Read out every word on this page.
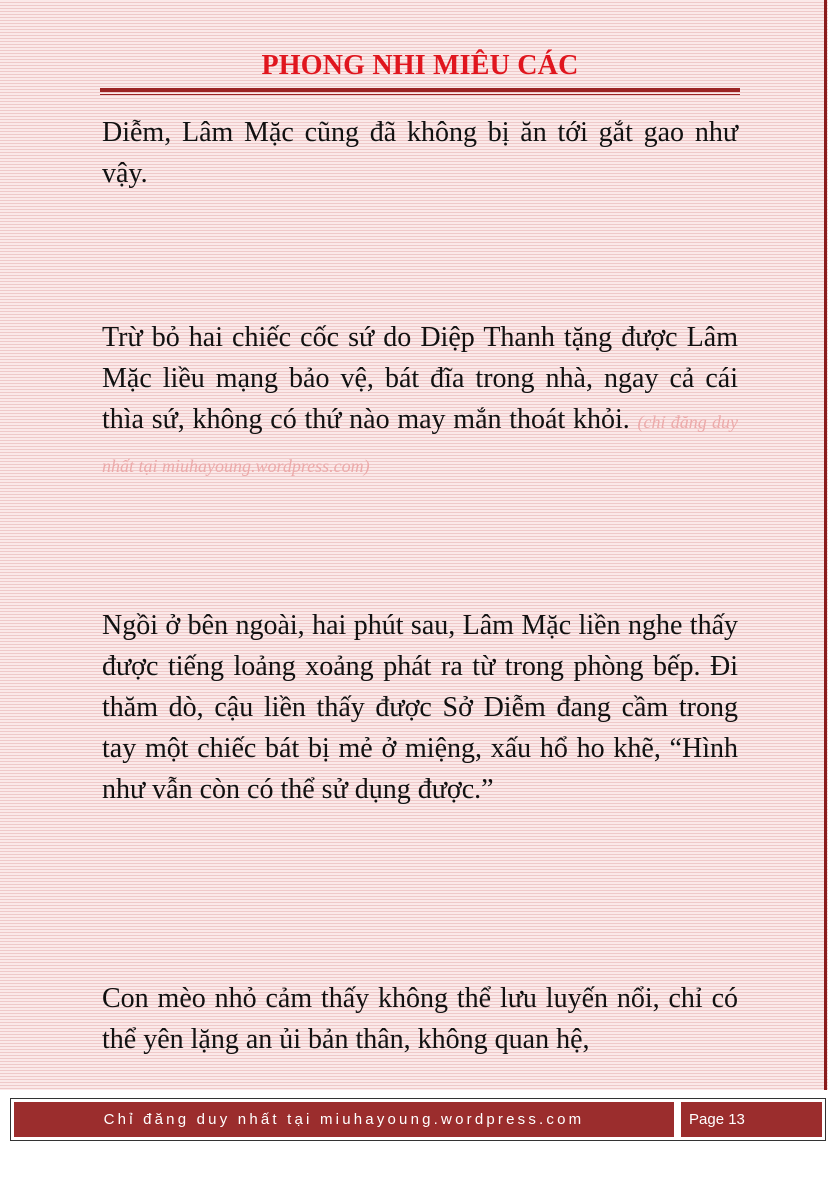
PHONG NHI MIÊU CÁC

Diễm, Lâm Mặc cũng đã không bị ăn tới gắt gao như vậy.

Trừ bỏ hai chiếc cốc sứ do Diệp Thanh tặng được Lâm Mặc liều mạng bảo vệ, bát đĩa trong nhà, ngay cả cái thìa sứ, không có thứ nào may mắn thoát khỏi. (chỉ đăng duy nhất tại miuhayoung.wordpress.com)

Ngồi ở bên ngoài, hai phút sau, Lâm Mặc liền nghe thấy được tiếng loảng xoảng phát ra từ trong phòng bếp. Đi thăm dò, cậu liền thấy được Sở Diễm đang cầm trong tay một chiếc bát bị mẻ ở miệng, xấu hổ ho khẽ, “Hình như vẫn còn có thể sử dụng được.”

Con mèo nhỏ cảm thấy không thể lưu luyến nổi, chỉ có thể yên lặng an ủi bản thân, không quan hệ,

Chỉ đăng duy nhất tại miuhayoung.wordpress.com	Page 13
